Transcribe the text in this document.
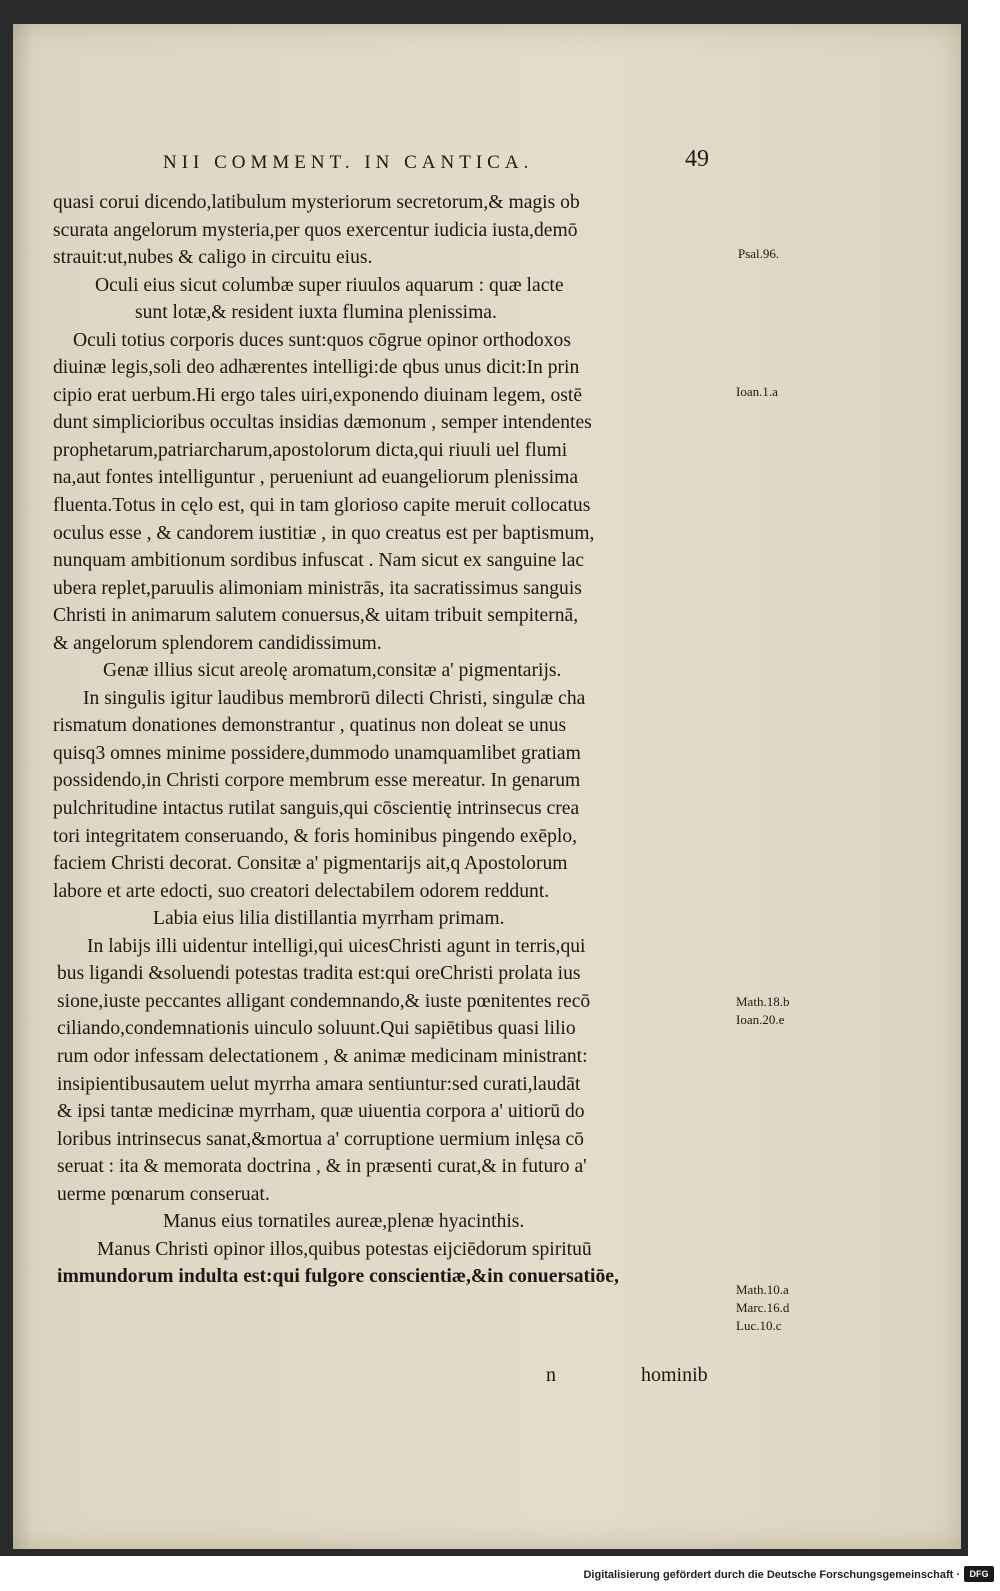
NII COMMENT. IN CANTICA.	49
quasi corui dicendo,latibulum mysteriorum secretorum,& magis ob
scurata angelorum mysteria,per quos exercentur iudicia iusta,demō
strauit:ut,nubes & caligo in circuitu eius.
Oculi eius sicut columbæ super riuulos aquarum : quæ lacte
sunt lotæ,& resident iuxta flumina plenissima.
Oculi totius corporis duces sunt:quos cōgrue opinor orthodoxos
diuinæ legis,soli deo adhærentes intelligi:de qbus unus dicit:In prin
cipio erat uerbum.Hi ergo tales uiri,exponendo diuinam legem, ostē
dunt simplicioribus occultas insidias dæmonum , semper intendentes
prophetarum,patriarcharum,apostolorum dicta,qui riuuli uel flumi
na,aut fontes intelliguntur , perueniunt ad euangeliorum plenissima
fluenta.Totus in cęlo est, qui in tam glorioso capite meruit collocatus
oculus esse , & candorem iustitiæ , in quo creatus est per baptismum,
nunquam ambitionum sordibus infuscat . Nam sicut ex sanguine lac
ubera replet,paruulis alimoniam ministrās, ita sacratissimus sanguis
Christi in animarum salutem conuersus,& uitam tribuit sempiternā,
& angelorum splendorem candidissimum.
Genæ illius sicut areolę aromatum,consitæ a' pigmentarijs.
In singulis igitur laudibus membrorū dilecti Christi, singulæ cha
rismatum donationes demonstrantur , quatinus non doleat se unus
quisq3 omnes minime possidere,dummodo unamquamlibet gratiam
possidendo,in Christi corpore membrum esse mereatur. In genarum
pulchritudine intactus rutilat sanguis,qui cōscientię intrinsecus crea
tori integritatem conseruando, & foris hominibus pingendo exēplo,
faciem Christi decorat. Consitæ a' pigmentarijs ait,q Apostolorum
labore et arte edocti, suo creatori delectabilem odorem reddunt.
Labia eius lilia distillantia myrrham primam.
In labijs illi uidentur intelligi,qui uicesChristi agunt in terris,qui
bus ligandi &soluendi potestas tradita est:qui oreChristi prolata ius
sione,iuste peccantes alligant condemnando,& iuste pœnitentes recō
ciliando,condemnationis uinculo soluunt.Qui sapiētibus quasi lilio
rum odor infessam delectationem , & animæ medicinam ministrant:
insipientibusautem uelut myrrha amara sentiuntur:sed curati,laudāt
& ipsi tantæ medicinæ myrrham, quæ uiuentia corpora a' uitiorū do
loribus intrinsecus sanat,&mortua a' corruptione uermium inlęsa cō
seruat : ita & memorata doctrina , & in præsenti curat,& in futuro a'
uerme pœnarum conseruat.
Manus eius tornatiles aureæ,plenæ hyacinthis.
Manus Christi opinor illos,quibus potestas eijciēdorum spirituū
immundorum indulta est:qui fulgore conscientiæ,&in conuersatiōe,
Psal.96.
Ioan.1.a
Math.18.b
Ioan.20.e
Math.10.a
Marc.16.d
Luc.10.c
n	hominib
Digitalisierung gefördert durch die Deutsche Forschungsgemeinschaft ·	DFG
